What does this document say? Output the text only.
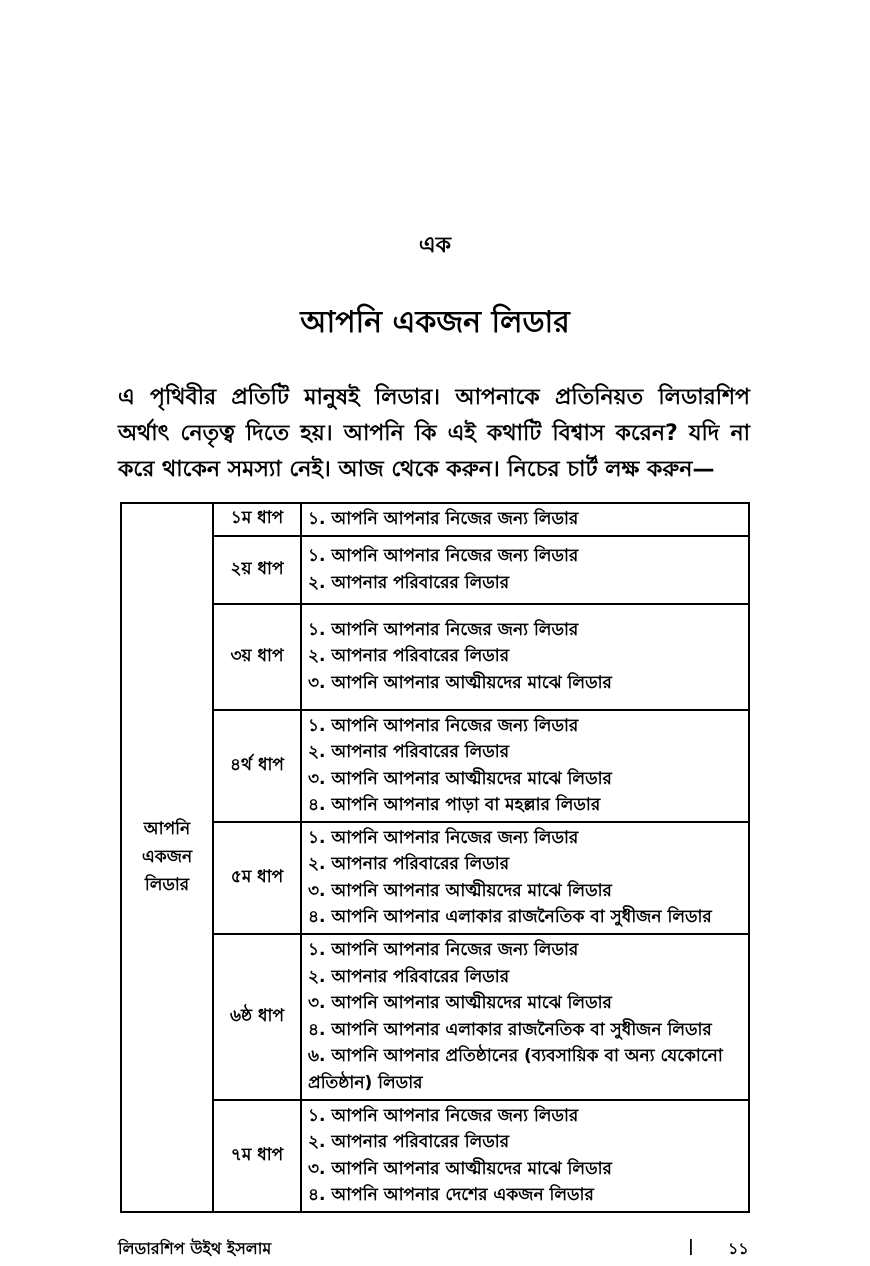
এক
আপনি একজন লিডার

এ পৃথিবীর প্রতিটি মানুষই লিডার। আপনাকে প্রতিনিয়ত লিডারশিপ অর্থাৎ নেতৃত্ব দিতে হয়। আপনি কি এই কথাটি বিশ্বাস করেন? যদি না করে থাকেন সমস্যা নেই। আজ থেকে করুন। নিচের চার্ট লক্ষ করুন—

আপনি
একজন
লিডার	১ম ধাপ	১. আপনি আপনার নিজের জন্য লিডার

	২য় ধাপ	১. আপনি আপনার নিজের জন্য লিডার
২. আপনার পরিবারের লিডার

	৩য় ধাপ	১. আপনি আপনার নিজের জন্য লিডার
২. আপনার পরিবারের লিডার
৩. আপনি আপনার আত্মীয়দের মাঝে লিডার

	৪র্থ ধাপ	১. আপনি আপনার নিজের জন্য লিডার
২. আপনার পরিবারের লিডার
৩. আপনি আপনার আত্মীয়দের মাঝে লিডার
৪. আপনি আপনার পাড়া বা মহল্লার লিডার

	৫ম ধাপ	১. আপনি আপনার নিজের জন্য লিডার
২. আপনার পরিবারের লিডার
৩. আপনি আপনার আত্মীয়দের মাঝে লিডার
৪. আপনি আপনার এলাকার রাজনৈতিক বা সুধীজন লিডার

	৬ষ্ঠ ধাপ	১. আপনি আপনার নিজের জন্য লিডার
২. আপনার পরিবারের লিডার
৩. আপনি আপনার আত্মীয়দের মাঝে লিডার
৪. আপনি আপনার এলাকার রাজনৈতিক বা সুধীজন লিডার
৬. আপনি আপনার প্রতিষ্ঠানের (ব্যবসায়িক বা অন্য যেকোনো প্রতিষ্ঠান) লিডার

	৭ম ধাপ	১. আপনি আপনার নিজের জন্য লিডার
২. আপনার পরিবারের লিডার
৩. আপনি আপনার আত্মীয়দের মাঝে লিডার
৪. আপনি আপনার দেশের একজন লিডার
লিডারশিপ উইথ ইসলাম	| ১১
